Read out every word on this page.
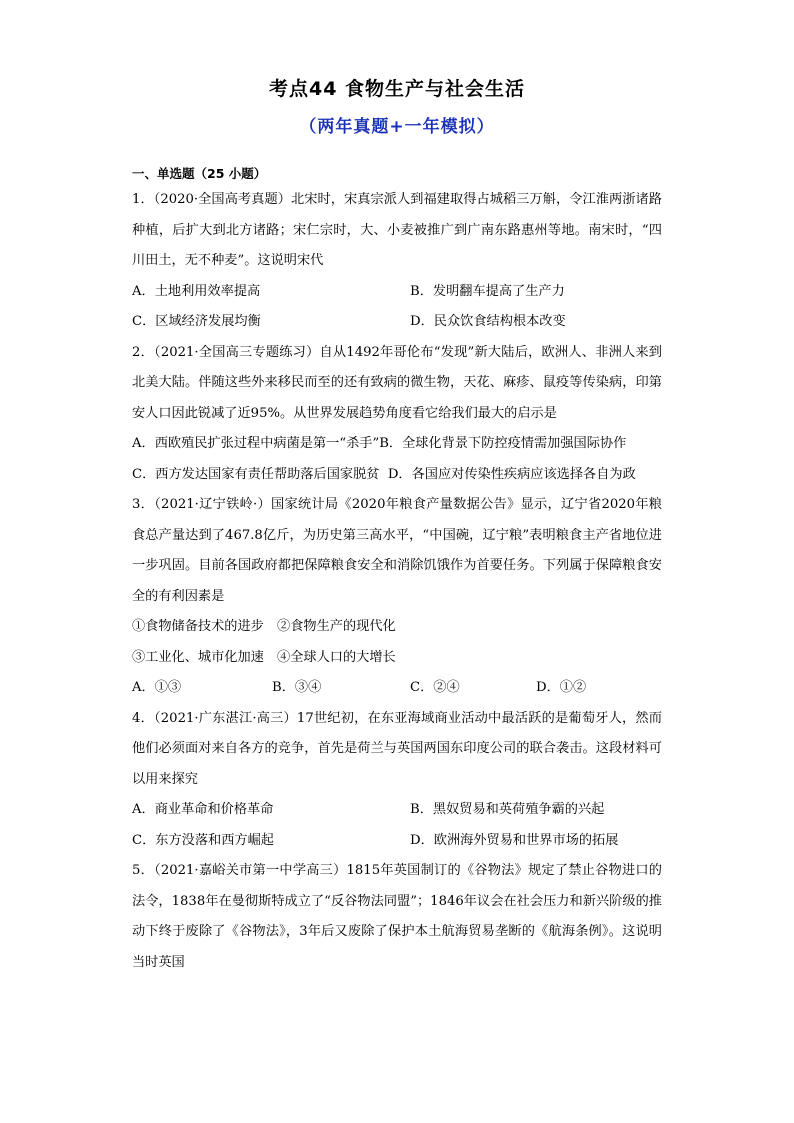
考点44 食物生产与社会生活
（两年真题+一年模拟）
一、单选题（25 小题）

1．（2020·全国高考真题）北宋时，宋真宗派人到福建取得占城稻三万斛，令江淮两浙诸路种植，后扩大到北方诸路；宋仁宗时，大、小麦被推广到广南东路惠州等地。南宋时，“四川田土，无不种麦”。这说明宋代

A．土地利用效率提高	B．发明翻车提高了生产力
C．区域经济发展均衡	D．民众饮食结构根本改变

2．（2021·全国高三专题练习）自从1492年哥伦布“发现”新大陆后，欧洲人、非洲人来到北美大陆。伴随这些外来移民而至的还有致病的微生物，天花、麻疹、鼠疫等传染病，印第安人口因此锐减了近95%。从世界发展趋势角度看它给我们最大的启示是

A．西欧殖民扩张过程中病菌是第一“杀手”B．全球化背景下防控疫情需加强国际协作

C．西方发达国家有责任帮助落后国家脱贫 D．各国应对传染性疾病应该选择各自为政

3．（2021·辽宁铁岭·）国家统计局《2020年粮食产量数据公告》显示，辽宁省2020年粮食总产量达到了467.8亿斤，为历史第三高水平，“中国碗，辽宁粮”表明粮食主产省地位进一步巩固。目前各国政府都把保障粮食安全和消除饥饿作为首要任务。下列属于保障粮食安全的有利因素是

①食物储备技术的进步　②食物生产的现代化
③工业化、城市化加速　④全球人口的大增长
A．①③	B．③④	C．②④	D．①②

4．（2021·广东湛江·高三）17世纪初，在东亚海域商业活动中最活跃的是葡萄牙人，然而他们必须面对来自各方的竞争，首先是荷兰与英国两国东印度公司的联合袭击。这段材料可以用来探究

A．商业革命和价格革命	B．黑奴贸易和英荷殖争霸的兴起
C．东方没落和西方崛起	D．欧洲海外贸易和世界市场的拓展

5．（2021·嘉峪关市第一中学高三）1815年英国制订的《谷物法》规定了禁止谷物进口的法令，1838年在曼彻斯特成立了“反谷物法同盟”；1846年议会在社会压力和新兴阶级的推动下终于废除了《谷物法》，3年后又废除了保护本土航海贸易垄断的《航海条例》。这说明当时英国
